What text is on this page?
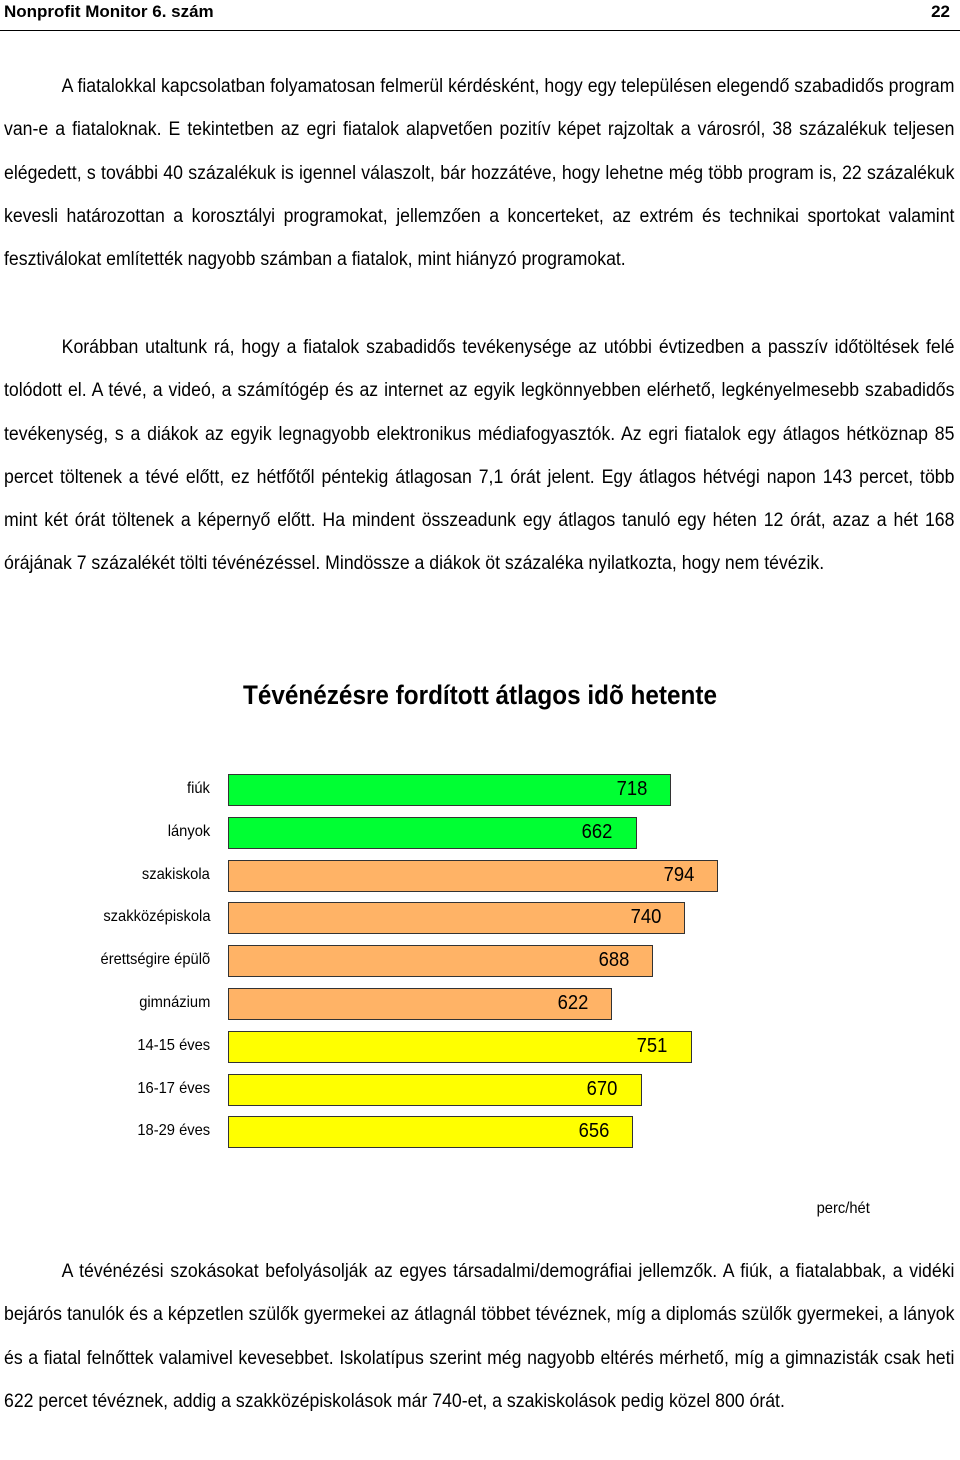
Nonprofit Monitor 6. szám	22

A fiatalokkal kapcsolatban folyamatosan felmerül kérdésként, hogy egy településen elegendő szabadidős program van-e a fiataloknak. E tekintetben az egri fiatalok alapvetően pozitív képet rajzoltak a városról, 38 százalékuk teljesen elégedett, s további 40 százalékuk is igennel válaszolt, bár hozzátéve, hogy lehetne még több program is, 22 százalékuk kevesli határozottan a korosztályi programokat, jellemzően a koncerteket, az extrém és technikai sportokat valamint fesztiválokat említették nagyobb számban a fiatalok, mint hiányzó programokat.

Korábban utaltunk rá, hogy a fiatalok szabadidős tevékenysége az utóbbi évtizedben a passzív időtöltések felé tolódott el. A tévé, a videó, a számítógép és az internet az egyik legkönnyebben elérhető, legkényelmesebb szabadidős tevékenység, s a diákok az egyik legnagyobb elektronikus médiafogyasztók. Az egri fiatalok egy átlagos hétköznap 85 percet töltenek a tévé előtt, ez hétfőtől péntekig átlagosan 7,1 órát jelent. Egy átlagos hétvégi napon 143 percet, több mint két órát töltenek a képernyő előtt. Ha mindent összeadunk egy átlagos tanuló egy héten 12 órát, azaz a hét 168 órájának 7 százalékét tölti tévénézéssel. Mindössze a diákok öt százaléka nyilatkozta, hogy nem tévézik.

Tévénézésre fordított átlagos idõ hetente
fiúk	718
lányok	662
szakiskola	794
szakközépiskola	740
érettségire épülõ	688
gimnázium	622
14-15 éves	751
16-17 éves	670
18-29 éves	656
perc/hét

A tévénézési szokásokat befolyásolják az egyes társadalmi/demográfiai jellemzők. A fiúk, a fiatalabbak, a vidéki bejárós tanulók és a képzetlen szülők gyermekei az átlagnál többet tévéznek, míg a diplomás szülők gyermekei, a lányok és a fiatal felnőttek valamivel kevesebbet. Iskolatípus szerint még nagyobb eltérés mérhető, míg a gimnazisták csak heti 622 percet tévéznek, addig a szakközépiskolások már 740-et, a szakiskolások pedig közel 800 órát.
